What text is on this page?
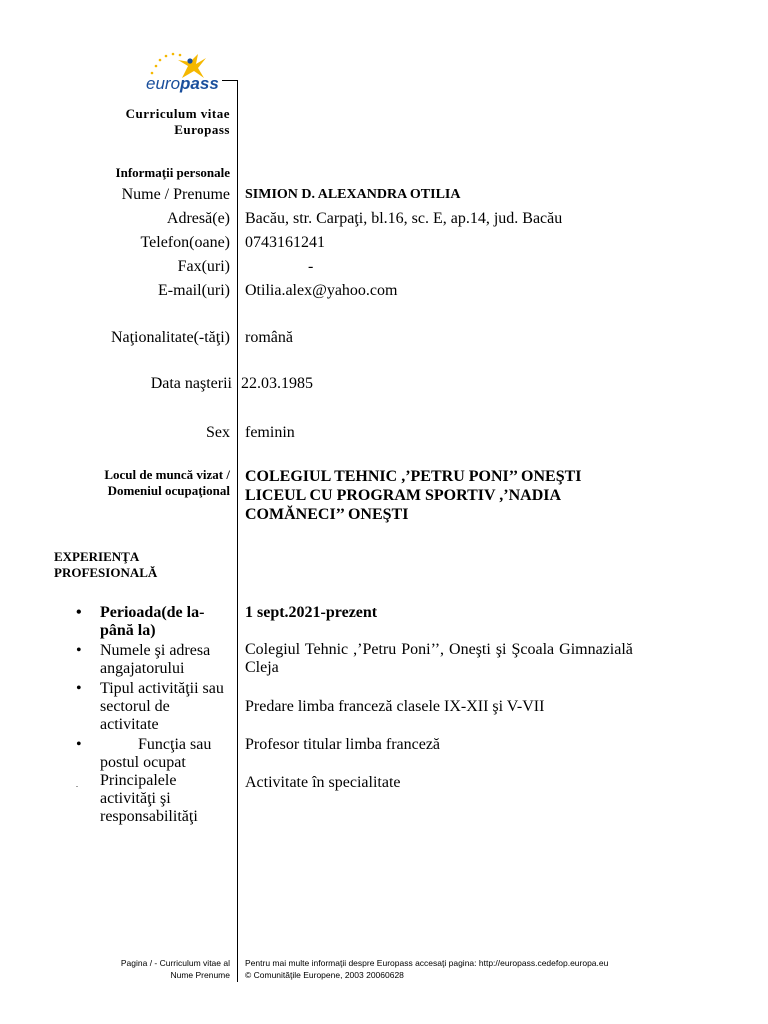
europass
Curriculum vitae
Europass
Informaţii personale
Nume / Prenume SIMION D. ALEXANDRA OTILIA
Adresă(e) Bacău, str. Carpaţi, bl.16, sc. E, ap.14, jud. Bacău
Telefon(oane) 0743161241
Fax(uri)	-
E-mail(uri) Otilia.alex@yahoo.com
Naţionalitate(-tăţi) română
Data naşterii 22.03.1985
Sex feminin
Locul de muncă vizat /
Domeniul ocupaţional
COLEGIUL TEHNIC ,’PETRU PONI’’ ONEŞTI
LICEUL CU PROGRAM SPORTIV ,’NADIA
COMĂNECI’’ ONEŞTI
EXPERIENŢA
PROFESIONALĂ
• Perioada(de la-până la)
• Numele şi adresa angajatorului
• Tipul activităţii sau sectorul de activitate
•	Funcţia sau postul ocupat
. Principalele activităţi şi responsabilităţi
1 sept.2021-prezent
Colegiul Tehnic ,’Petru Poni’’, Oneşti şi Şcoala Gimnazială
Cleja
Predare limba franceză clasele IX-XII şi V-VII
Profesor titular limba franceză
Activitate în specialitate
Pagina / - Curriculum vitae al
Nume Prenume
Pentru mai multe informaţii despre Europass accesaţi pagina: http://europass.cedefop.europa.eu
© Comunităţile Europene, 2003 20060628
